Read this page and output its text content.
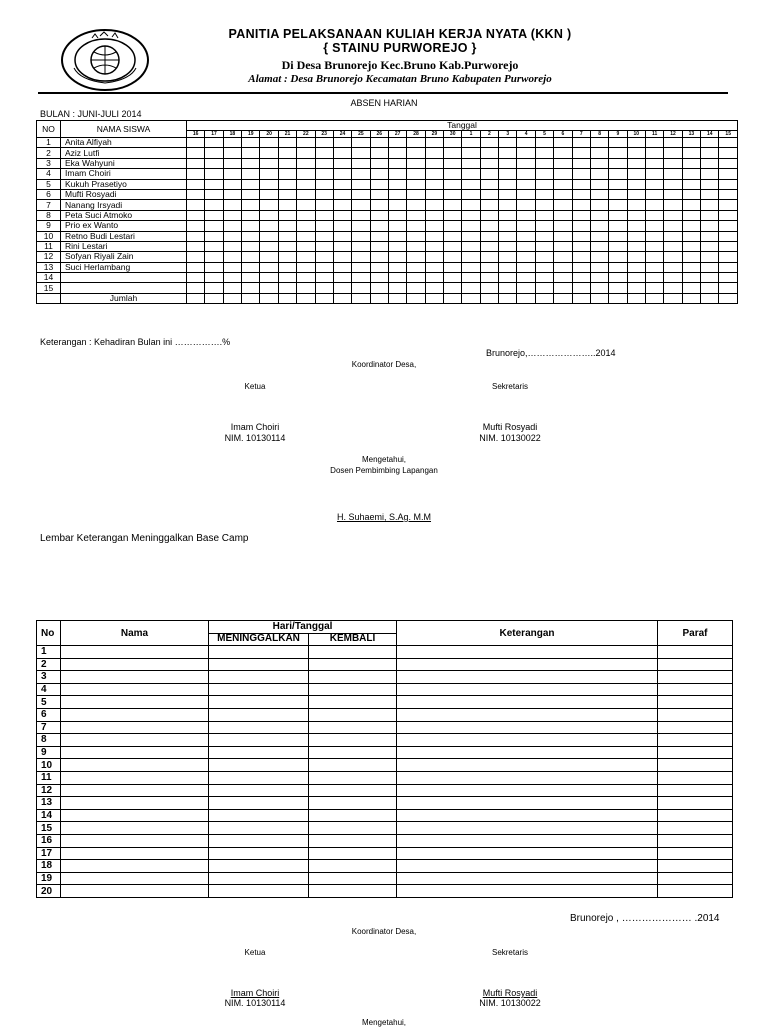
PANITIA PELAKSANAAN KULIAH KERJA NYATA (KKN )
{ STAINU PURWOREJO }
Di Desa Brunorejo Kec.Bruno Kab.Purworejo
Alamat : Desa Brunorejo Kecamatan Bruno Kabupaten Purworejo
ABSEN HARIAN
BULAN : JUNI-JULI 2014
NO	NAMA SISWA	Tanggal																													
		16	17	18	19	20	21	22	23	24	25	26	27	28	29	30	1	2	3	4	5	6	7	8	9	10	11	12	13	14	15
1	Anita Alfiyah																														
2	Aziz Lutfi																														
3	Eka Wahyuni																														
4	Imam Choiri																														
5	Kukuh Prasetiyo																														
6	Mufti Rosyadi																														
7	Nanang Irsyadi																														
8	Peta Suci Atmoko																														
9	Prio ex Wanto																														
10	Retno Budi Lestari																														
11	Rini Lestari																														
12	Sofyan Riyali Zain																														
13	Suci Herlambang																														
14																															
15																															
	Jumlah																														
Keterangan : Kehadiran Bulan ini …………….%
Brunorejo,…………………..2014
Koordinator Desa,
Ketua	Sekretaris
Imam Choiri
NIM. 10130114
Mufti Rosyadi
NIM. 10130022
Mengetahui,
Dosen Pembimbing Lapangan
H. Suhaemi, S.Ag. M.M
Lembar Keterangan Meninggalkan Base Camp
No	Nama	Hari/Tanggal		Keterangan	Paraf
		MENINGGALKAN	KEMBALI		
1					
2					
3					
4					
5					
6					
7					
8					
9					
10					
11					
12					
13					
14					
15					
16					
17					
18					
19					
20					
Brunorejo , ………………… .2014
Koordinator Desa,
Ketua	Sekretaris
Imam Choiri
NIM. 10130114
Mufti Rosyadi
NIM. 10130022
Mengetahui,
